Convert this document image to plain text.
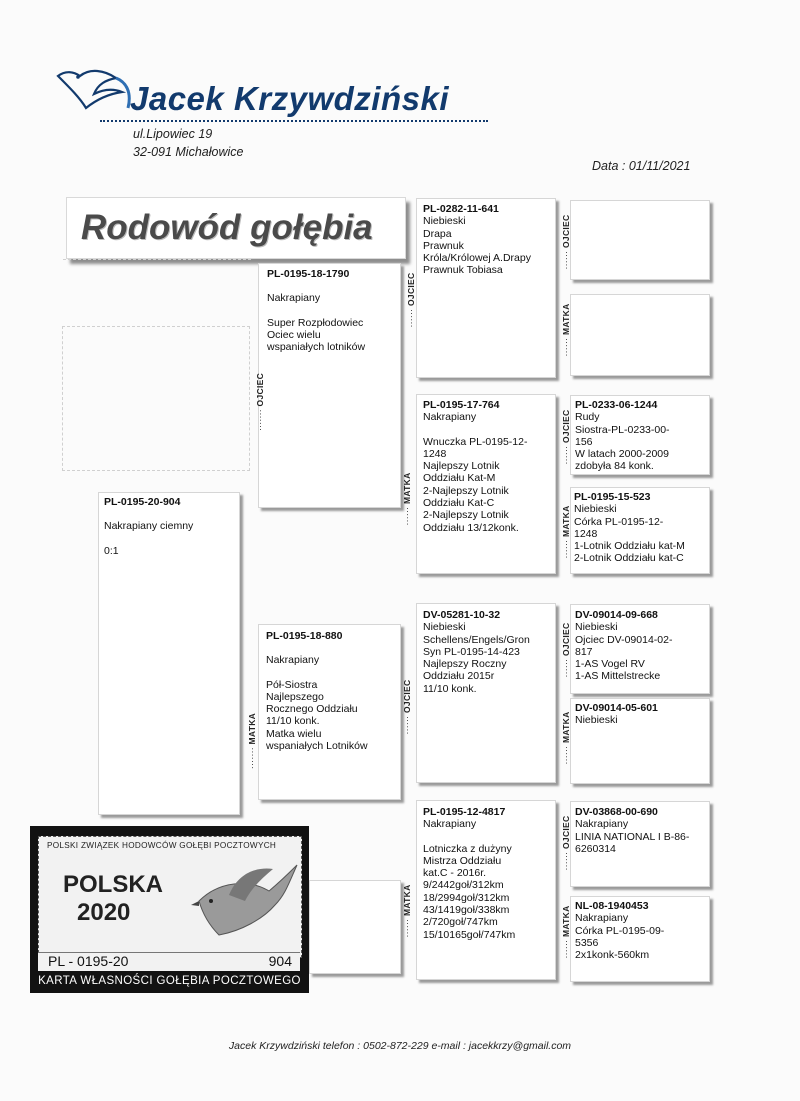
Jacek Krzywdziński
ul.Lipowiec 19
32-091 Michałowice
Data : 01/11/2021
Rodowód gołębia
PL-0195-20-904
Nakrapiany ciemny
0:1
PL-0195-18-1790
Nakrapiany
Super Rozpłodowiec
Ociec wielu
wspaniałych lotników
······· OJCIEC
PL-0195-18-880
Nakrapiany
Pół-Siostra
Najlepszego
Rocznego Oddziału
11/10 konk.
Matka wielu
wspaniałych Lotników
······· MATKA
PL-0282-11-641
Niebieski
Drapa
Prawnuk
Króla/Królowej A.Drapy
Prawnuk Tobiasa
······ OJCIEC
PL-0195-17-764
Nakrapiany
Wnuczka PL-0195-12-
1248
Najlepszy Lotnik
Oddziału Kat-M
2-Najlepszy Lotnik
Oddziału Kat-C
2-Najlepszy Lotnik
Oddziału 13/12konk.
······ MATKA
DV-05281-10-32
Niebieski
Schellens/Engels/Gron
Syn PL-0195-14-423
Najlepszy Roczny
Oddziału 2015r
11/10 konk.
······ OJCIEC
PL-0195-12-4817
Nakrapiany
Lotniczka z dużyny
Mistrza Oddziału
kat.C - 2016r.
9/2442goł/312km
18/2994goł/312km
43/1419goł/338km
2/720goł/747km
15/10165goł/747km
······ MATKA
······ OJCIEC
······ MATKA
PL-0233-06-1244
Rudy
Siostra-PL-0233-00-
156
W latach 2000-2009
zdobyła 84 konk.
······ OJCIEC
PL-0195-15-523
Niebieski
Córka PL-0195-12-
1248
1-Lotnik Oddziału kat-M
2-Lotnik Oddziału kat-C
······ MATKA
DV-09014-09-668
Niebieski
Ojciec DV-09014-02-
817
1-AS Vogel RV
1-AS Mittelstrecke
······ OJCIEC
DV-09014-05-601
Niebieski
······ MATKA
DV-03868-00-690
Nakrapiany
LINIA NATIONAL I B-86-
6260314
······ OJCIEC
NL-08-1940453
Nakrapiany
Córka PL-0195-09-
5356
2x1konk-560km
······ MATKA
POLSKI ZWIĄZEK HODOWCÓW GOŁĘBI POCZTOWYCH
POLSKA
2020
PL - 0195-20	904
KARTA WŁASNOŚCI GOŁĘBIA POCZTOWEGO
Jacek Krzywdziński telefon : 0502-872-229 e-mail : jacekkrzy@gmail.com
